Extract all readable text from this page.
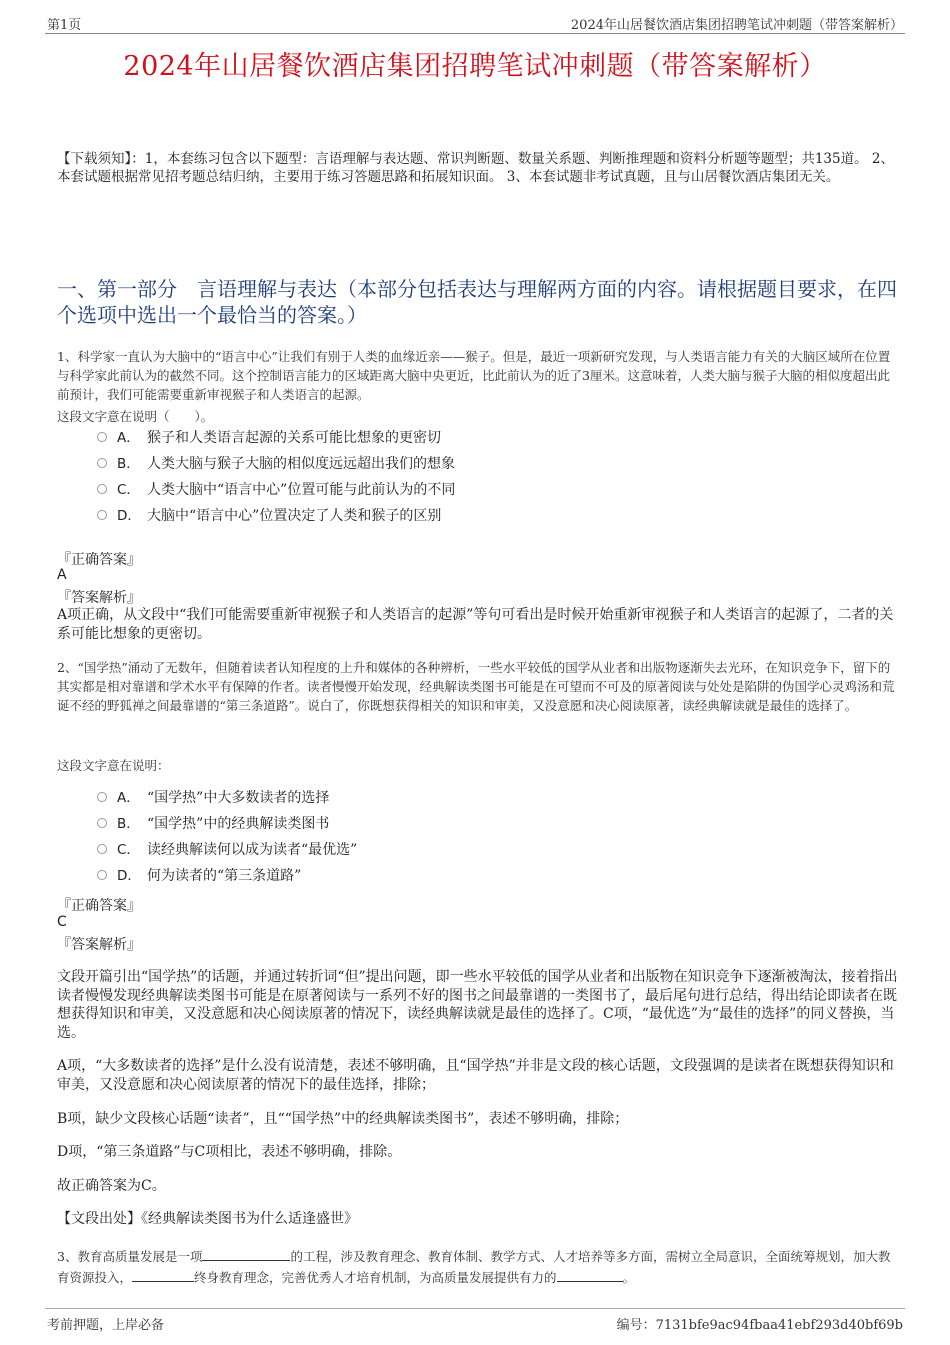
第1页	2024年山居餐饮酒店集团招聘笔试冲刺题（带答案解析）
2024年山居餐饮酒店集团招聘笔试冲刺题（带答案解析）
【下载须知】：1，本套练习包含以下题型：言语理解与表达题、常识判断题、数量关系题、判断推理题和资料分析题等题型；共135道。 2、本套试题根据常见招考题总结归纳，主要用于练习答题思路和拓展知识面。 3、本套试题非考试真题，且与山居餐饮酒店集团无关。
一、第一部分　言语理解与表达（本部分包括表达与理解两方面的内容。请根据题目要求，在四个选项中选出一个最恰当的答案。）
1、科学家一直认为大脑中的“语言中心”让我们有别于人类的血缘近亲——猴子。但是，最近一项新研究发现，与人类语言能力有关的大脑区域所在位置与科学家此前认为的截然不同。这个控制语言能力的区域距离大脑中央更近，比此前认为的近了3厘米。这意味着，人类大脑与猴子大脑的相似度超出此前预计，我们可能需要重新审视猴子和人类语言的起源。
这段文字意在说明（　　）。
A． 猴子和人类语言起源的关系可能比想象的更密切
B． 人类大脑与猴子大脑的相似度远远超出我们的想象
C． 人类大脑中“语言中心”位置可能与此前认为的不同
D． 大脑中“语言中心”位置决定了人类和猴子的区别
『正确答案』
A
『答案解析』
A项正确，从文段中“我们可能需要重新审视猴子和人类语言的起源”等句可看出是时候开始重新审视猴子和人类语言的起源了，二者的关系可能比想象的更密切。
2、“国学热”涌动了无数年，但随着读者认知程度的上升和媒体的各种辨析，一些水平较低的国学从业者和出版物逐渐失去光环，在知识竞争下，留下的其实都是相对靠谱和学术水平有保障的作者。读者慢慢开始发现，经典解读类图书可能是在可望而不可及的原著阅读与处处是陷阱的伪国学心灵鸡汤和荒诞不经的野狐禅之间最靠谱的“第三条道路”。说白了，你既想获得相关的知识和审美，又没意愿和决心阅读原著，读经典解读就是最佳的选择了。
这段文字意在说明：
A． “国学热”中大多数读者的选择
B． “国学热”中的经典解读类图书
C． 读经典解读何以成为读者“最优选”
D． 何为读者的“第三条道路”
『正确答案』
C
『答案解析』
文段开篇引出“国学热”的话题，并通过转折词“但”提出问题，即一些水平较低的国学从业者和出版物在知识竞争下逐渐被淘汰，接着指出读者慢慢发现经典解读类图书可能是在原著阅读与一系列不好的图书之间最靠谱的一类图书了，最后尾句进行总结，得出结论即读者在既想获得知识和审美，又没意愿和决心阅读原著的情况下，读经典解读就是最佳的选择了。C项，“最优选”为“最佳的选择”的同义替换，当选。
A项，“大多数读者的选择”是什么没有说清楚，表述不够明确，且“国学热”并非是文段的核心话题，文段强调的是读者在既想获得知识和审美，又没意愿和决心阅读原著的情况下的最佳选择，排除；
B项，缺少文段核心话题“读者”，且““国学热”中的经典解读类图书”，表述不够明确，排除；
D项，“第三条道路”与C项相比，表述不够明确，排除。
故正确答案为C。
【文段出处】《经典解读类图书为什么适逢盛世》
3、教育高质量发展是一项	的工程，涉及教育理念、教育体制、教学方式、人才培养等多方面，需树立全局意识，全面统筹规划，加大教育资源投入，	终身教育理念，完善优秀人才培育机制，为高质量发展提供有力的	。
考前押题，上岸必备	编号：7131bfe9ac94fbaa41ebf293d40bf69b
